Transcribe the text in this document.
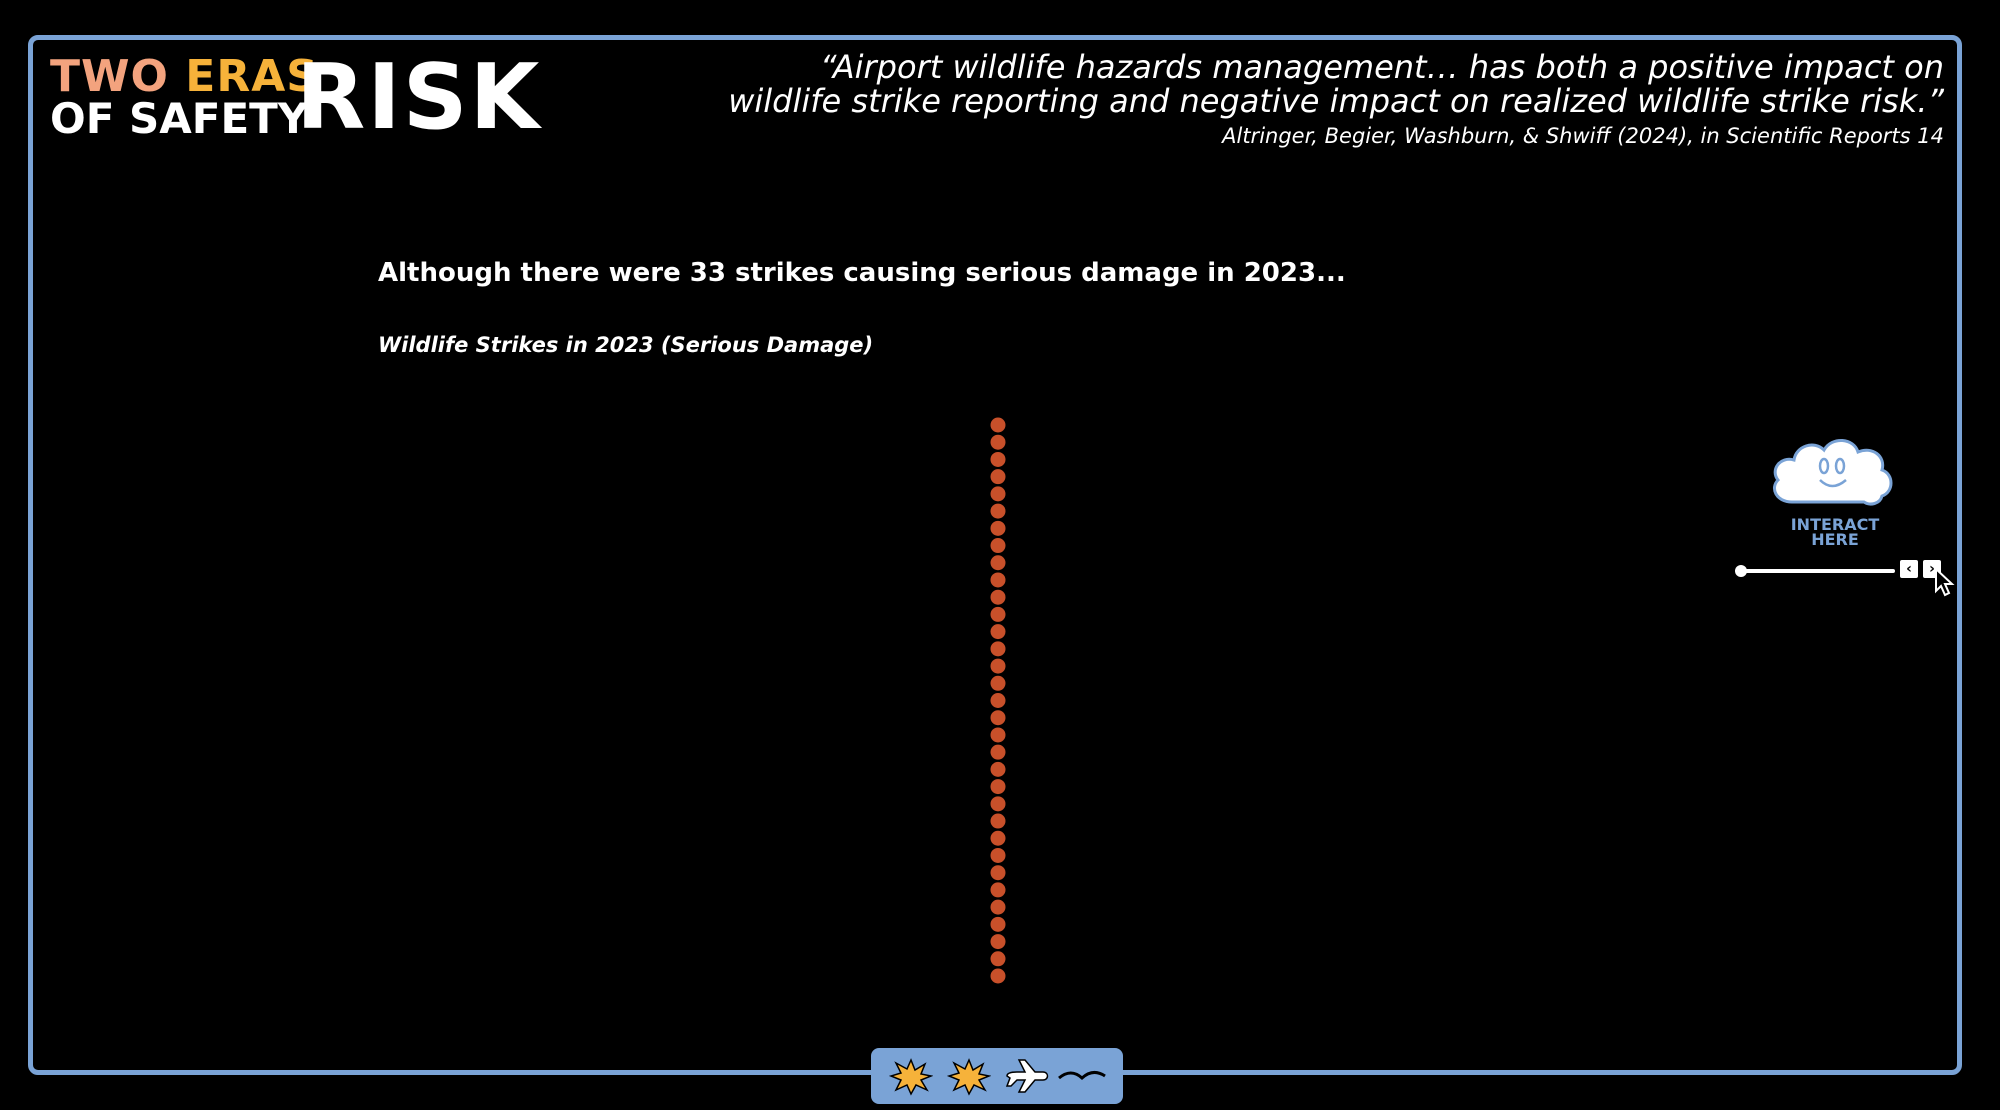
TWO ERAS
OF SAFETY
RISK	“Airport wildlife hazards management… has both a positive impact on wildlife strike reporting and negative impact on realized wildlife strike risk.”
Altringer, Begier, Washburn, & Shwiff (2024), in Scientific Reports 14
Although there were 33 strikes causing serious damage in 2023...
Wildlife Strikes in 2023 (Serious Damage)
INTERACT
HERE
‹	›
